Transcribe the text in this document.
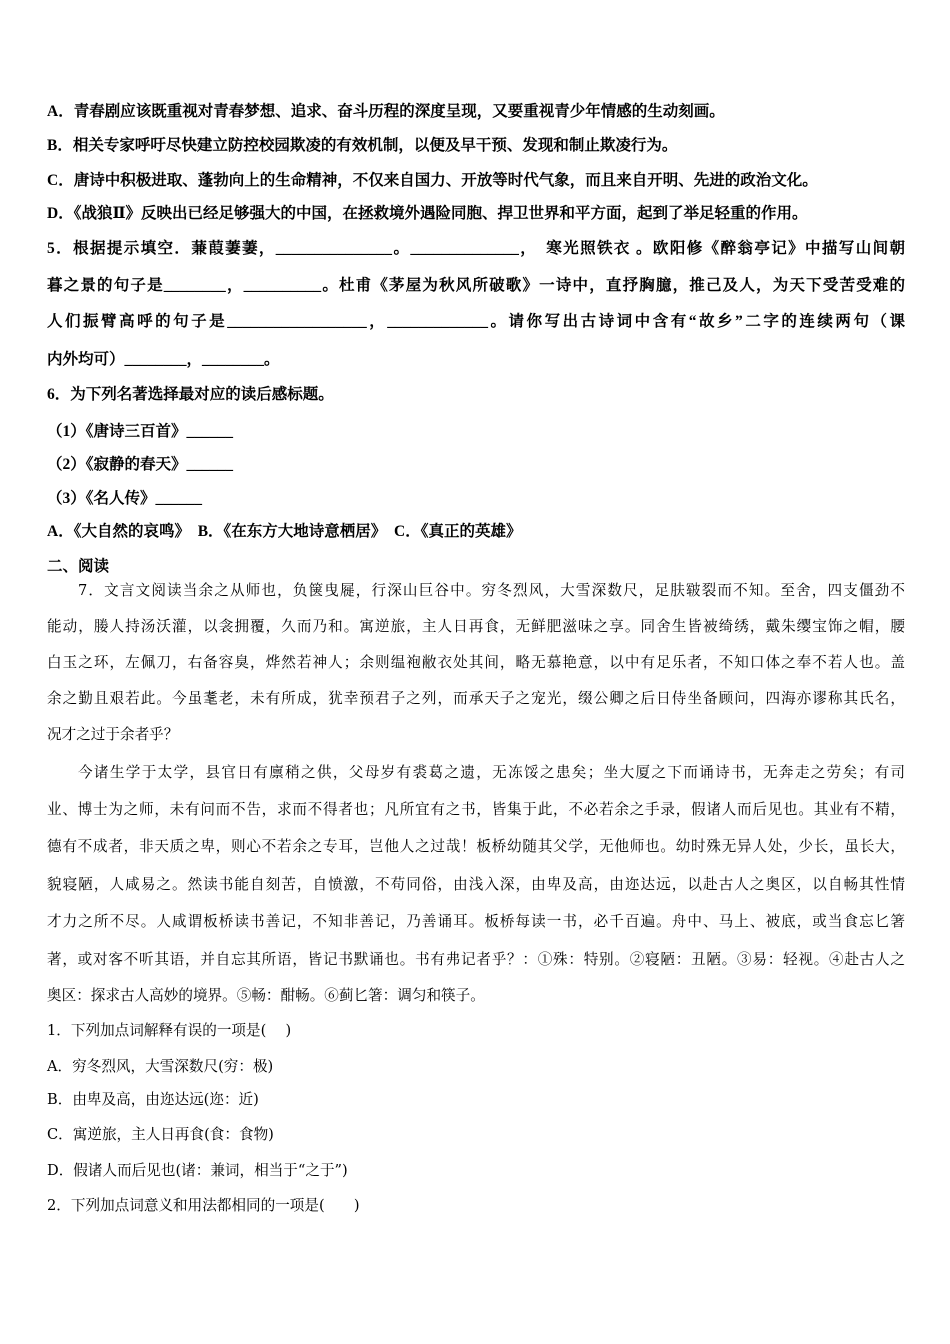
A．青春剧应该既重视对青春梦想、追求、奋斗历程的深度呈现，又要重视青少年情感的生动刻画。
B．相关专家呼吁尽快建立防控校园欺凌的有效机制，以便及早干预、发现和制止欺凌行为。
C．唐诗中积极进取、蓬勃向上的生命精神，不仅来自国力、开放等时代气象，而且来自开明、先进的政治文化。
D．《战狼Ⅱ》反映出已经足够强大的中国，在拯救境外遇险同胞、捍卫世界和平方面，起到了举足轻重的作用。
5．根据提示填空．蒹葭萋萋，_______________。______________，　寒光照铁衣 。欧阳修《醉翁亭记》中描写山间朝
暮之景的句子是________，__________。杜甫《茅屋为秋风所破歌》一诗中，直抒胸臆，推己及人，为天下受苦受难的
人们振臂高呼的句子是__________________，_____________。请你写出古诗词中含有“故乡”二字的连续两句（课
内外均可）________，________。
6．为下列名著选择最对应的读后感标题。
（1）《唐诗三百首》______
（2）《寂静的春天》______
（3）《名人传》______
A．《大自然的哀鸣》　B．《在东方大地诗意栖居》　C．《真正的英雄》
二、阅读
7．文言文阅读当余之从师也，负箧曳屣，行深山巨谷中。穷冬烈风，大雪深数尺，足肤皲裂而不知。至舍，四支僵劲不
能动，媵人持汤沃灌，以衾拥覆，久而乃和。寓逆旅，主人日再食，无鲜肥滋味之享。同舍生皆被绮绣，戴朱缨宝饰之帽，腰
白玉之环，左佩刀，右备容臭，烨然若神人；余则缊袍敝衣处其间，略无慕艳意，以中有足乐者，不知口体之奉不若人也。盖
余之勤且艰若此。今虽耄老，未有所成，犹幸预君子之列，而承天子之宠光，缀公卿之后日侍坐备顾问，四海亦谬称其氏名，
况才之过于余者乎？
今诸生学于太学，县官日有廪稍之供，父母岁有裘葛之遗，无冻馁之患矣；坐大厦之下而诵诗书，无奔走之劳矣；有司
业、博士为之师，未有问而不告，求而不得者也；凡所宜有之书，皆集于此，不必若余之手录，假诸人而后见也。其业有不精，
德有不成者，非天质之卑，则心不若余之专耳，岂他人之过哉！板桥幼随其父学，无他师也。幼时殊无异人处，少长，虽长大，
貌寝陋，人咸易之。然读书能自刻苦，自愤激，不苟同俗，由浅入深，由卑及高，由迩达远，以赴古人之奥区，以自畅其性情
才力之所不尽。人咸谓板桥读书善记，不知非善记，乃善诵耳。板桥每读一书，必千百遍。舟中、马上、被底，或当食忘匕箸
著，或对客不听其语，并自忘其所语，皆记书默诵也。书有弗记者乎？：①殊：特别。②寝陋：丑陋。③易：轻视。④赴古人之
奥区：探求古人高妙的境界。⑤畅：酣畅。⑥蓟匕箸：调匀和筷子。
1．下列加点词解释有误的一项是(　 )
A．穷冬烈风，大雪深数尺(穷：极)
B．由卑及高，由迩达远(迩：近)
C．寓逆旅，主人日再食(食：食物)
D．假诸人而后见也(诸：兼词，相当于“之于”)
2．下列加点词意义和用法都相同的一项是(　　)
